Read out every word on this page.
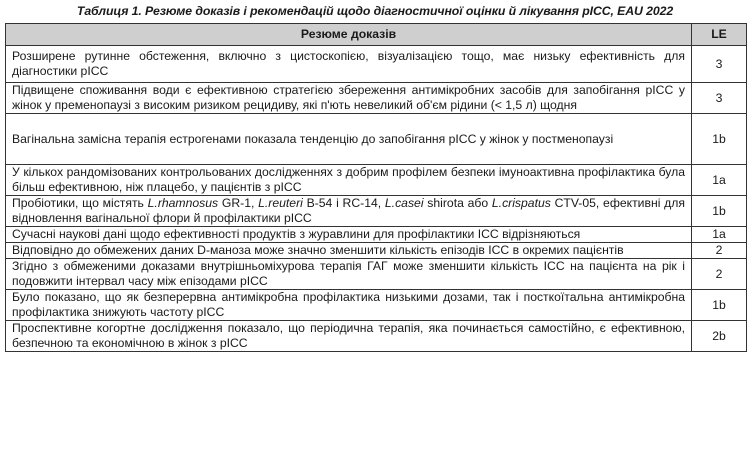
Таблиця 1. Резюме доказів і рекомендацій щодо діагностичної оцінки й лікування рІСС, EAU 2022
Резюме доказів	LE

Розширене рутинне обстеження, включно з цистоскопією, візуалізацією тощо, має низьку ефективність для діагностики рІСС	3

Підвищене споживання води є ефективною стратегією збереження антимікробних засобів для запобігання рІСС у жінок у пременопаузі з високим ризиком рецидиву, які п'ють невеликий об'єм рідини (< 1,5 л) щодня	3

Вагінальна замісна терапія естрогенами показала тенденцію до запобігання рІСС у жінок у постменопаузі	1b

У кількох рандомізованих контрольованих дослідженнях з добрим профілем безпеки імуноактивна профілактика була більш ефективною, ніж плацебо, у пацієнтів з рІСС	1a

Пробіотики, що містять L.rhamnosus GR-1, L.reuteri B-54 і RC-14, L.casei shirota або L.crispatus CTV-05, ефективні для відновлення вагінальної флори й профілактики рІСС	1b

Сучасні наукові дані щодо ефективності продуктів з журавлини для профілактики ІСС відрізняються	1a

Відповідно до обмежених даних D-маноза може значно зменшити кількість епізодів ІСС в окремих пацієнтів	2

Згідно з обмеженими доказами внутрішньоміхурова терапія ГАГ може зменшити кількість ІСС на пацієнта на рік і подовжити інтервал часу між епізодами рІСС	2

Було показано, що як безперервна антимікробна профілактика низькими дозами, так і посткоїтальна антимікробна профілактика знижують частоту рІСС	1b

Проспективне когортне дослідження показало, що періодична терапія, яка починається самостійно, є ефективною, безпечною та економічною в жінок з рІСС	2b
